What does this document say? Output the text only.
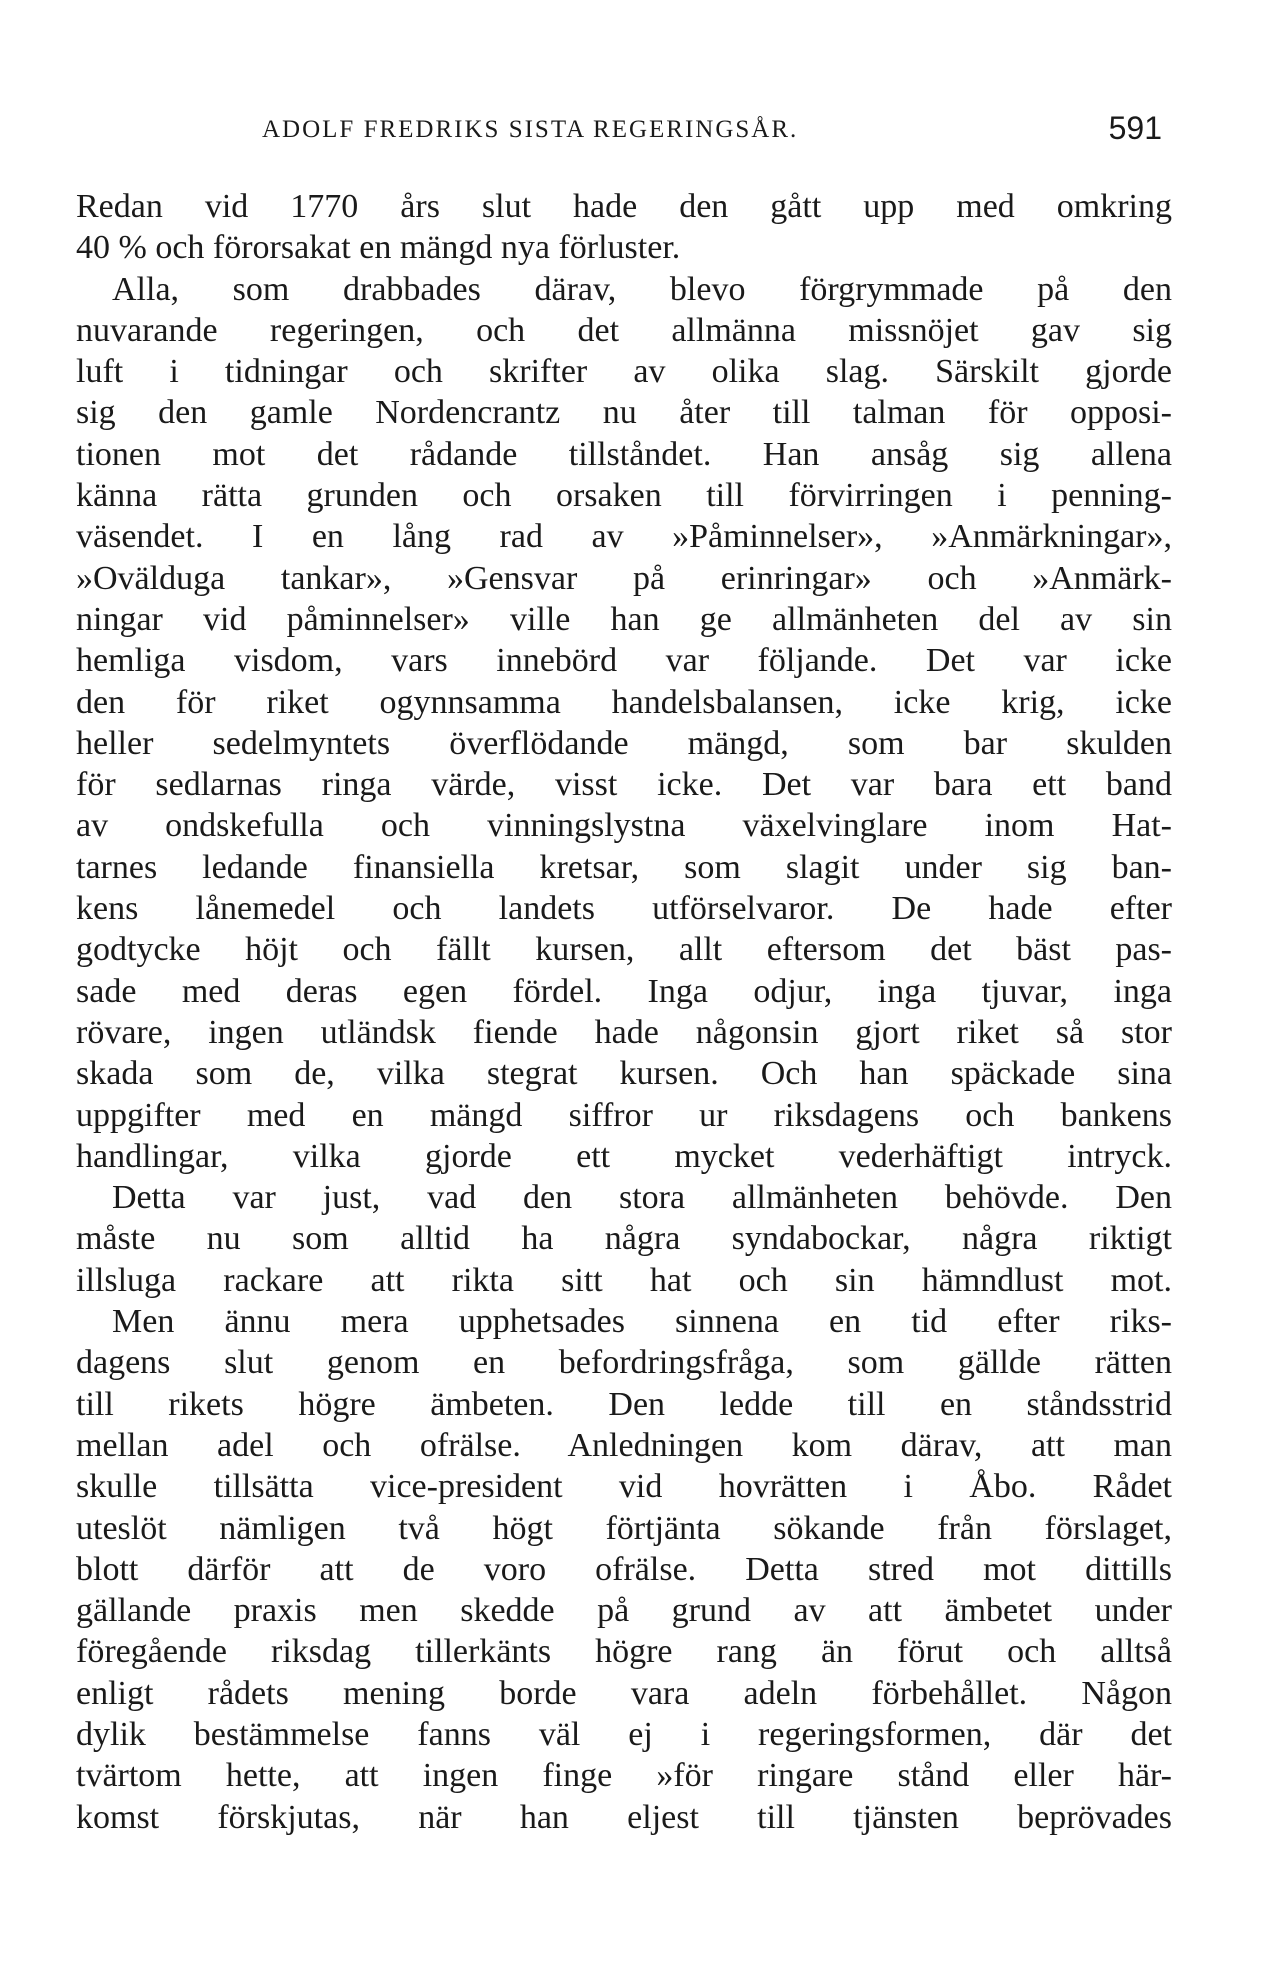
ADOLF FREDRIKS SISTA REGERINGSÅR.	591
Redan vid 1770 års slut hade den gått upp med omkring
40 % och förorsakat en mängd nya förluster.
Alla, som drabbades därav, blevo förgrymmade på den
nuvarande regeringen, och det allmänna missnöjet gav sig
luft i tidningar och skrifter av olika slag. Särskilt gjorde
sig den gamle Nordencrantz nu åter till talman för opposi-
tionen mot det rådande tillståndet. Han ansåg sig allena
känna rätta grunden och orsaken till förvirringen i penning-
väsendet. I en lång rad av »Påminnelser», »Anmärkningar»,
»Ovälduga tankar», »Gensvar på erinringar» och »Anmärk-
ningar vid påminnelser» ville han ge allmänheten del av sin
hemliga visdom, vars innebörd var följande. Det var icke
den för riket ogynnsamma handelsbalansen, icke krig, icke
heller sedelmyntets överflödande mängd, som bar skulden
för sedlarnas ringa värde, visst icke. Det var bara ett band
av ondskefulla och vinningslystna växelvinglare inom Hat-
tarnes ledande finansiella kretsar, som slagit under sig ban-
kens lånemedel och landets utförselvaror. De hade efter
godtycke höjt och fällt kursen, allt eftersom det bäst pas-
sade med deras egen fördel. Inga odjur, inga tjuvar, inga
rövare, ingen utländsk fiende hade någonsin gjort riket så stor
skada som de, vilka stegrat kursen. Och han späckade sina
uppgifter med en mängd siffror ur riksdagens och bankens
handlingar, vilka gjorde ett mycket vederhäftigt intryck.
Detta var just, vad den stora allmänheten behövde. Den
måste nu som alltid ha några syndabockar, några riktigt
illsluga rackare att rikta sitt hat och sin hämndlust mot.
Men ännu mera upphetsades sinnena en tid efter riks-
dagens slut genom en befordringsfråga, som gällde rätten
till rikets högre ämbeten. Den ledde till en ståndsstrid
mellan adel och ofrälse. Anledningen kom därav, att man
skulle tillsätta vice-president vid hovrätten i Åbo. Rådet
uteslöt nämligen två högt förtjänta sökande från förslaget,
blott därför att de voro ofrälse. Detta stred mot dittills
gällande praxis men skedde på grund av att ämbetet under
föregående riksdag tillerkänts högre rang än förut och alltså
enligt rådets mening borde vara adeln förbehållet. Någon
dylik bestämmelse fanns väl ej i regeringsformen, där det
tvärtom hette, att ingen finge »för ringare stånd eller här-
komst förskjutas, när han eljest till tjänsten beprövades
